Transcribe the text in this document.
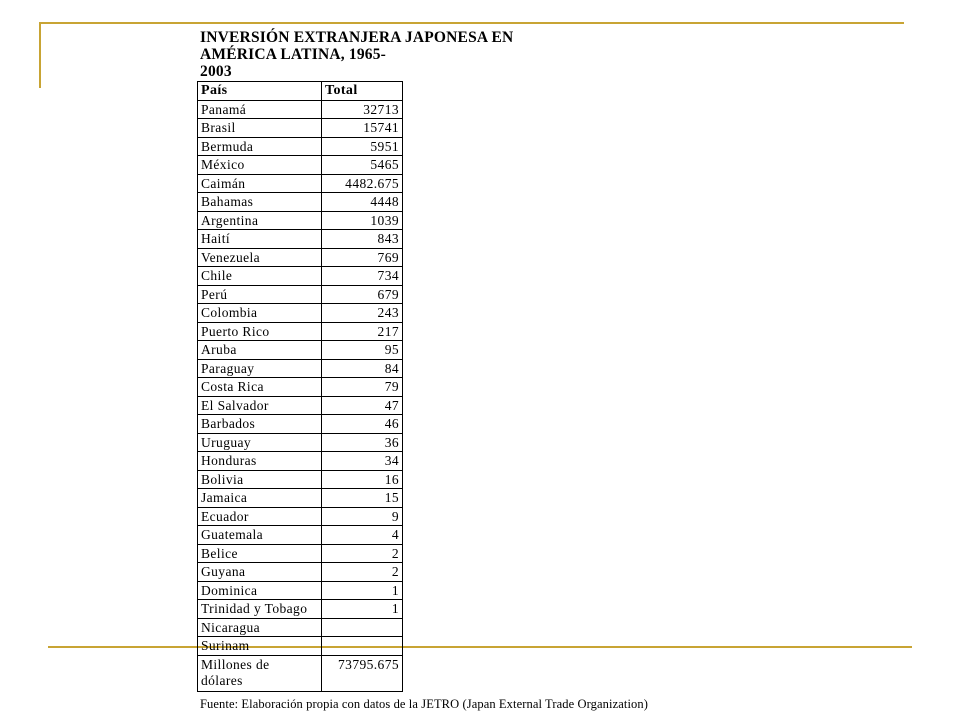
INVERSIÓN EXTRANJERA JAPONESA EN
AMÉRICA LATINA, 1965-
2003
País	Total
Panamá	32713
Brasil	15741
Bermuda	5951
México	5465
Caimán	4482.675
Bahamas	4448
Argentina	1039
Haití	843
Venezuela	769
Chile	734
Perú	679
Colombia	243
Puerto Rico	217
Aruba	95
Paraguay	84
Costa Rica	79
El Salvador	47
Barbados	46
Uruguay	36
Honduras	34
Bolivia	16
Jamaica	15
Ecuador	9
Guatemala	4
Belice	2
Guyana	2
Dominica	1
Trinidad y Tobago	1
Nicaragua	
Surinam	

Millones de
dólares	73795.675
Fuente: Elaboración propia con datos de la JETRO (Japan External Trade Organization)
